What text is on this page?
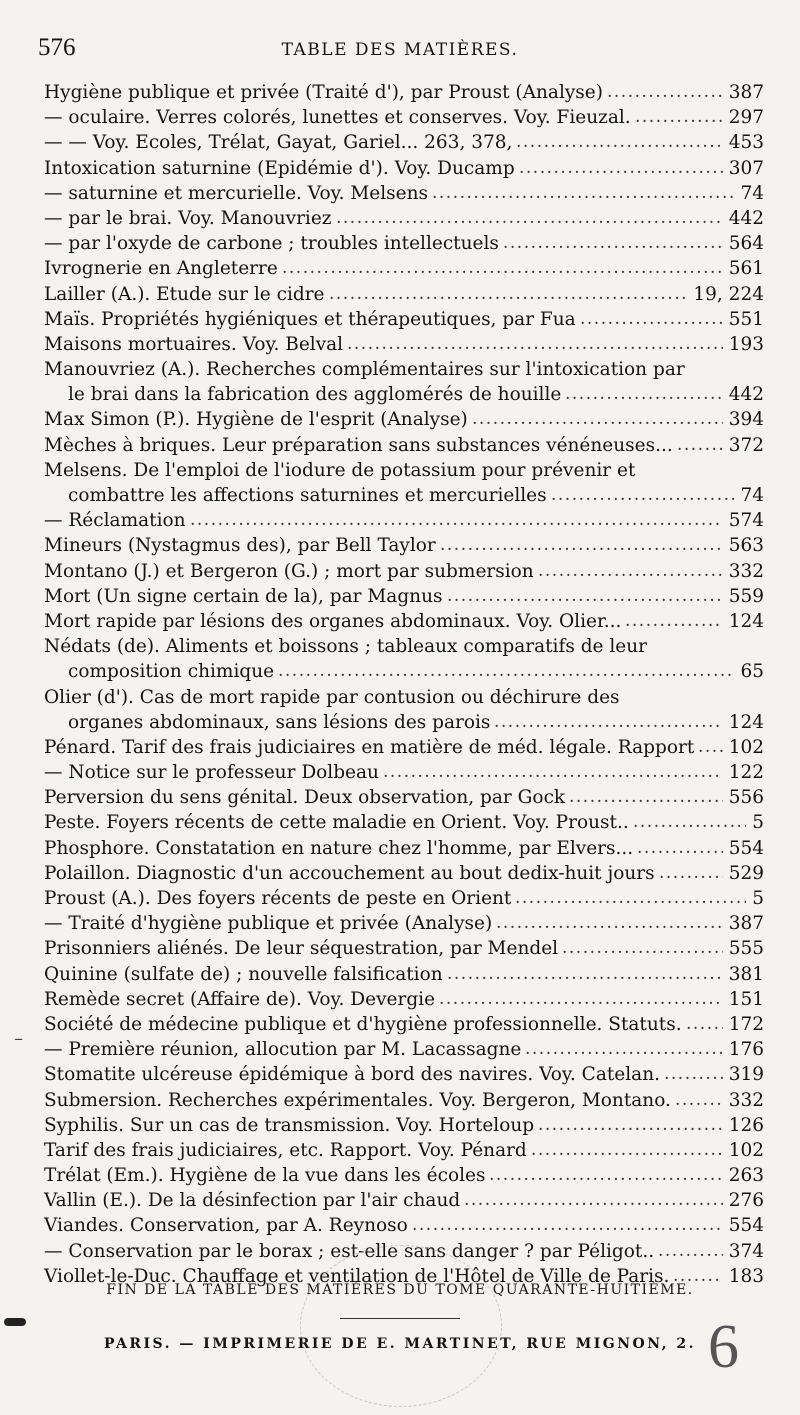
576	TABLE DES MATIÈRES.
Hygiène publique et privée (Traité d'), par Proust (Analyse) .....	387
— oculaire. Verres colorés, lunettes et conserves. Voy. Fieuzal. .....	297
— — Voy. Ecoles, Trélat, Gayat, Gariel... 263, 378, .....	453
Intoxication saturnine (Epidémie d'). Voy. Ducamp .....	307
— saturnine et mercurielle. Voy. Melsens .....	74
— par le brai. Voy. Manouvriez .....	442
— par l'oxyde de carbone ; troubles intellectuels .....	564
Ivrognerie en Angleterre .....	561
Lailler (A.). Etude sur le cidre .....	19, 224
Maïs. Propriétés hygiéniques et thérapeutiques, par Fua .....	551
Maisons mortuaires. Voy. Belval .....	193
Manouvriez (A.). Recherches complémentaires sur l'intoxication par
le brai dans la fabrication des agglomérés de houille .....	442
Max Simon (P.). Hygiène de l'esprit (Analyse) .....	394
Mèches à briques. Leur préparation sans substances vénéneuses... .....	372
Melsens. De l'emploi de l'iodure de potassium pour prévenir et
combattre les affections saturnines et mercurielles .....	74
— Réclamation .....	574
Mineurs (Nystagmus des), par Bell Taylor .....	563
Montano (J.) et Bergeron (G.) ; mort par submersion .....	332
Mort (Un signe certain de la), par Magnus .....	559
Mort rapide par lésions des organes abdominaux. Voy. Olier... .....	124
Nédats (de). Aliments et boissons ; tableaux comparatifs de leur
composition chimique .....	65
Olier (d'). Cas de mort rapide par contusion ou déchirure des
organes abdominaux, sans lésions des parois .....	124
Pénard. Tarif des frais judiciaires en matière de méd. légale. Rapport .....	102
— Notice sur le professeur Dolbeau .....	122
Perversion du sens génital. Deux observation, par Gock .....	556
Peste. Foyers récents de cette maladie en Orient. Voy. Proust.. .....	5
Phosphore. Constatation en nature chez l'homme, par Elvers... .....	554
Polaillon. Diagnostic d'un accouchement au bout dedix-huit jours .....	529
Proust (A.). Des foyers récents de peste en Orient .....	5
— Traité d'hygiène publique et privée (Analyse) .....	387
Prisonniers aliénés. De leur séquestration, par Mendel .....	555
Quinine (sulfate de) ; nouvelle falsification .....	381
Remède secret (Affaire de). Voy. Devergie .....	151
Société de médecine publique et d'hygiène professionnelle. Statuts. .....	172
— Première réunion, allocution par M. Lacassagne .....	176
Stomatite ulcéreuse épidémique à bord des navires. Voy. Catelan. .....	319
Submersion. Recherches expérimentales. Voy. Bergeron, Montano. .....	332
Syphilis. Sur un cas de transmission. Voy. Horteloup .....	126
Tarif des frais judiciaires, etc. Rapport. Voy. Pénard .....	102
Trélat (Em.). Hygiène de la vue dans les écoles .....	263
Vallin (E.). De la désinfection par l'air chaud .....	276
Viandes. Conservation, par A. Reynoso .....	554
— Conservation par le borax ; est-elle sans danger ? par Péligot.. .....	374
Viollet-le-Duc. Chauffage et ventilation de l'Hôtel de Ville de Paris. .....	183
FIN DE LA TABLE DES MATIÈRES DU TOME QUARANTE-HUITIÈME.
PARIS. — IMPRIMERIE DE E. MARTINET, RUE MIGNON, 2. 6
–
